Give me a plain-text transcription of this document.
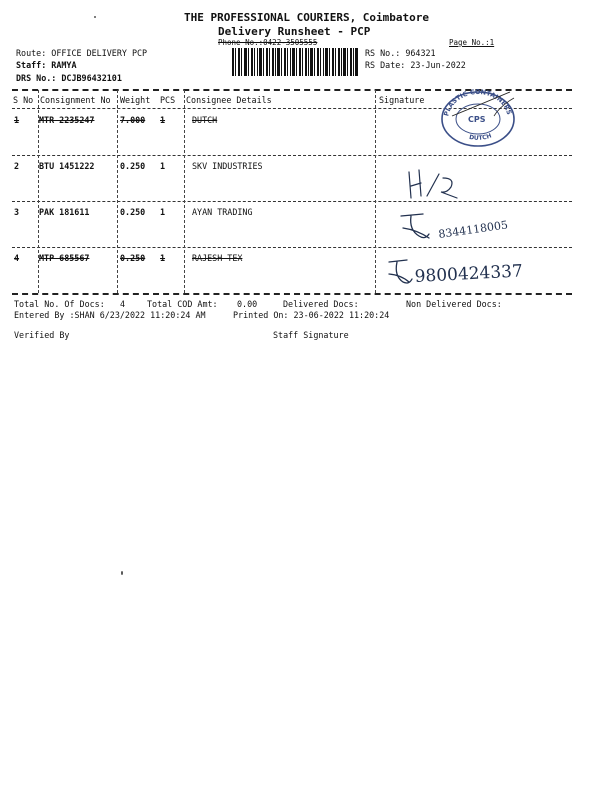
THE PROFESSIONAL COURIERS, Coimbatore
Delivery Runsheet - PCP
Phone No.:0422-3505555	Page No.:1
Route: OFFICE DELIVERY PCP
Staff: RAMYA
DRS No.: DCJB96432101
RS No.: 964321
RS Date: 23-Jun-2022
S No Consignment No Weight PCS Consignee Details	Signature
1 MTR 2235247	7.000 1	DUTCH
2 BTU 1451222	0.250 1	SKV INDUSTRIES
3 PAK 181611	0.250 1	AYAN TRADING
4 MTP 685567	0.250 1	RAJESH TEX
PLASTIC CONTAINERS
DUTCH
CPS
8344118005
9800424337
Total No. Of Docs: 4	Total COD Amt: 0.00	Delivered Docs:	Non Delivered Docs:
Entered By :SHAN 6/23/2022 11:20:24 AM	Printed On: 23-06-2022 11:20:24
Verified By	Staff Signature
